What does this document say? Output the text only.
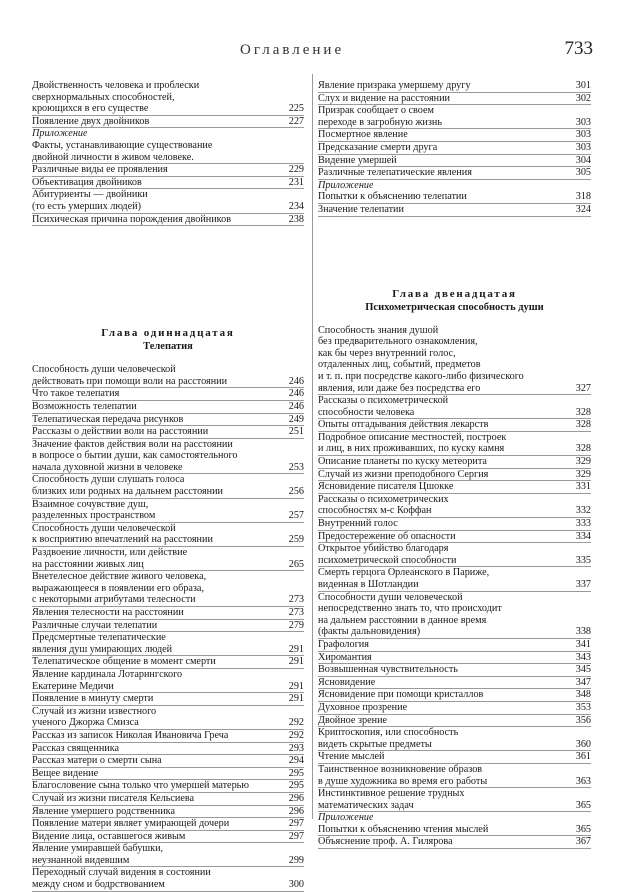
Оглавление	733
Двойственность человека и проблески
сверхнормальных способностей,
кроющихся в его существе	225
Появление двух двойников	227
Приложение
Факты, устанавливающие существование
двойной личности в живом человеке.
Различные виды ее проявления	229
Объективация двойников	231
Абитуриенты — двойники
(то есть умерших людей)	234
Психическая причина порождения двойников	238
Глава одиннадцатая
Телепатия
Способность души человеческой
действовать при помощи воли на расстоянии	246
Что такое телепатия	246
Возможность телепатии	246
Телепатическая передача рисунков	249
Рассказы о действии воли на расстоянии	251
Значение фактов действия воли на расстоянии
в вопросе о бытии души, как самостоятельного
начала духовной жизни в человеке	253
Способность души слушать голоса
близких или родных на дальнем расстоянии	256
Взаимное сочувствие душ,
разделенных пространством	257
Способность души человеческой
к восприятию впечатлений на расстоянии	259
Раздвоение личности, или действие
на расстоянии живых лиц	265
Внетелесное действие живого человека,
выражающееся в появлении его образа,
с некоторыми атрибутами телесности	273
Явления телесности на расстоянии	273
Различные случаи телепатии	279
Предсмертные телепатические
явления душ умирающих людей	291
Телепатическое общение в момент смерти	291
Явление кардинала Лотарингского
Екатерине Медичи	291
Появление в минуту смерти	291
Случай из жизни известного
ученого Джоржа Смизса	292
Рассказ из записок Николая Ивановича Греча	292
Рассказ священника	293
Рассказ матери о смерти сына	294
Вещее видение	295
Благословение сына только что умершей матерью	295
Случай из жизни писателя Кельсиева	296
Явление умершего родственника	296
Появление матери являет умирающей дочери	297
Видение лица, оставшегося живым	297
Явление умиравшей бабушки,
неузнанной видевшим	299
Переходный случай видения в состоянии
между сном и бодрствованием	300
Явление призрака умершему другу	301
Слух и видение на расстоянии	302
Призрак сообщает о своем
переходе в загробную жизнь	303
Посмертное явление	303
Предсказание смерти друга	303
Видение умершей	304
Различные телепатические явления	305
Приложение
Попытки к объяснению телепатии	318
Значение телепатии	324
Глава двенадцатая
Психометрическая способность души
Способность знания душой
без предварительного ознакомления,
как бы через внутренний голос,
отдаленных лиц, событий, предметов
и т. п. при посредстве какого-либо физического
явления, или даже без посредства его	327
Рассказы о психометрической
способности человека	328
Опыты отгадывания действия лекарств	328
Подробное описание местностей, построек
и лиц, в них проживавших, по куску камня	328
Описание планеты по куску метеорита	329
Случай из жизни преподобного Сергия	329
Ясновидение писателя Цшокке	331
Рассказы о психометрических
способностях м-с Коффан	332
Внутренний голос	333
Предостережение об опасности	334
Открытое убийство благодаря
психометрической способности	335
Смерть герцога Орлеанского в Париже,
виденная в Шотландии	337
Способности души человеческой
непосредственно знать то, что происходит
на дальнем расстоянии в данное время
(факты дальновидения)	338
Графология	341
Хиромантия	343
Возвышенная чувствительность	345
Ясновидение	347
Ясновидение при помощи кристаллов	348
Духовное прозрение	353
Двойное зрение	356
Криптоскопия, или способность
видеть скрытые предметы	360
Чтение мыслей	361
Таинственное возникновение образов
в душе художника во время его работы	363
Инстинктивное решение трудных
математических задач	365
Приложение
Попытки к объяснению чтения мыслей	365
Объяснение проф. А. Гилярова	367
